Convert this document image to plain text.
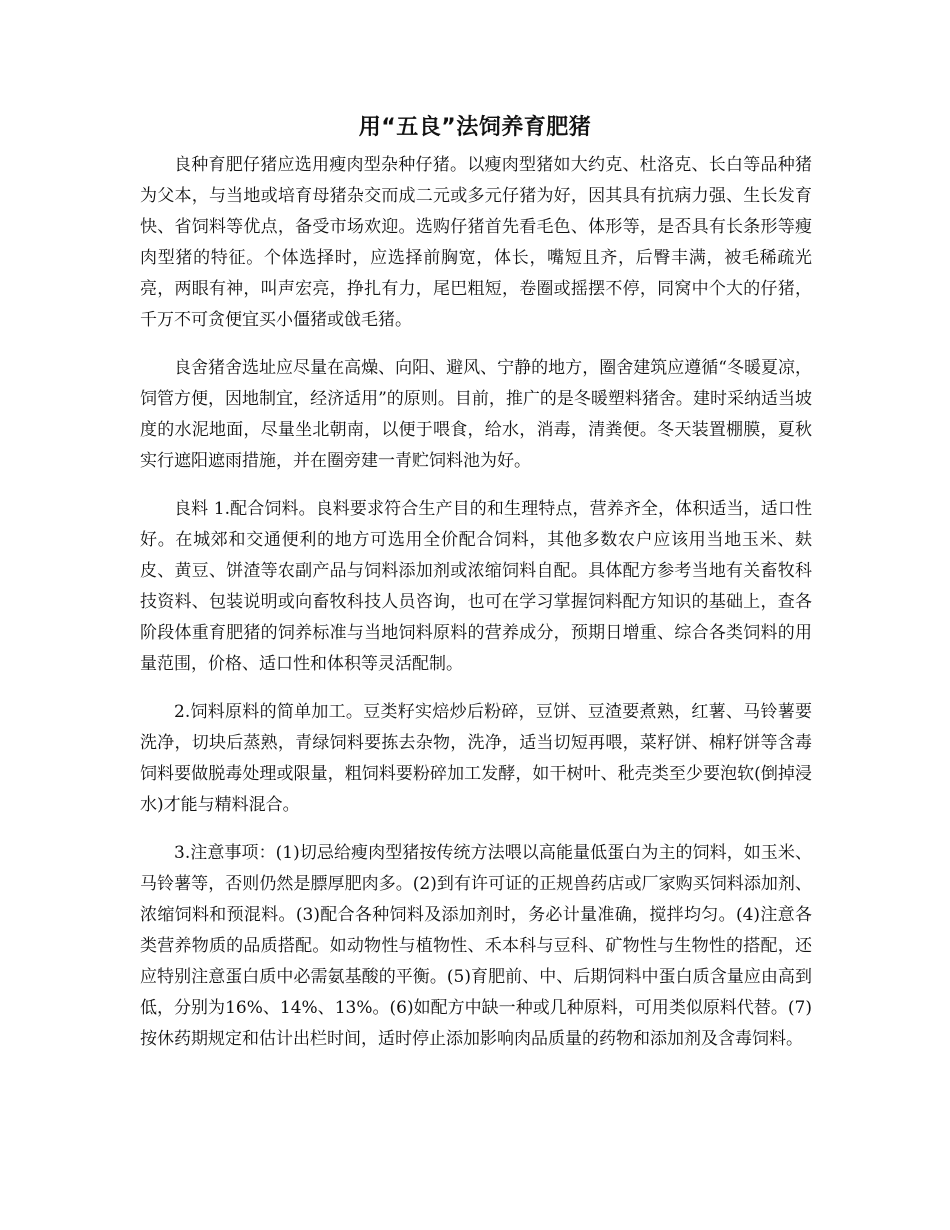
用“五良”法饲养育肥猪

良种育肥仔猪应选用瘦肉型杂种仔猪。以瘦肉型猪如大约克、杜洛克、长白等品种猪为父本，与当地或培育母猪杂交而成二元或多元仔猪为好，因其具有抗病力强、生长发育快、省饲料等优点，备受市场欢迎。选购仔猪首先看毛色、体形等，是否具有长条形等瘦肉型猪的特征。个体选择时，应选择前胸宽，体长，嘴短且齐，后臀丰满，被毛稀疏光亮，两眼有神，叫声宏亮，挣扎有力，尾巴粗短，卷圈或摇摆不停，同窝中个大的仔猪，千万不可贪便宜买小僵猪或戗毛猪。

良舍猪舍选址应尽量在高燥、向阳、避风、宁静的地方，圈舍建筑应遵循“冬暖夏凉，饲管方便，因地制宜，经济适用”的原则。目前，推广的是冬暖塑料猪舍。建时采纳适当坡度的水泥地面，尽量坐北朝南，以便于喂食，给水，消毒，清粪便。冬天装置棚膜，夏秋实行遮阳遮雨措施，并在圈旁建一青贮饲料池为好。

良料 1.配合饲料。良料要求符合生产目的和生理特点，营养齐全，体积适当，适口性好。在城郊和交通便利的地方可选用全价配合饲料，其他多数农户应该用当地玉米、麸皮、黄豆、饼渣等农副产品与饲料添加剂或浓缩饲料自配。具体配方参考当地有关畜牧科技资料、包装说明或向畜牧科技人员咨询，也可在学习掌握饲料配方知识的基础上，查各阶段体重育肥猪的饲养标准与当地饲料原料的营养成分，预期日增重、综合各类饲料的用量范围，价格、适口性和体积等灵活配制。

2.饲料原料的简单加工。豆类籽实焙炒后粉碎，豆饼、豆渣要煮熟，红薯、马铃薯要洗净，切块后蒸熟，青绿饲料要拣去杂物，洗净，适当切短再喂，菜籽饼、棉籽饼等含毒饲料要做脱毒处理或限量，粗饲料要粉碎加工发酵，如干树叶、秕壳类至少要泡软(倒掉浸水)才能与精料混合。

3.注意事项：(1)切忌给瘦肉型猪按传统方法喂以高能量低蛋白为主的饲料，如玉米、马铃薯等，否则仍然是膘厚肥肉多。(2)到有许可证的正规兽药店或厂家购买饲料添加剂、浓缩饲料和预混料。(3)配合各种饲料及添加剂时，务必计量准确，搅拌均匀。(4)注意各类营养物质的品质搭配。如动物性与植物性、禾本科与豆科、矿物性与生物性的搭配，还应特别注意蛋白质中必需氨基酸的平衡。(5)育肥前、中、后期饲料中蛋白质含量应由高到低，分别为16%、14%、13%。(6)如配方中缺一种或几种原料，可用类似原料代替。(7)按休药期规定和估计出栏时间，适时停止添加影响肉品质量的药物和添加剂及含毒饲料。
